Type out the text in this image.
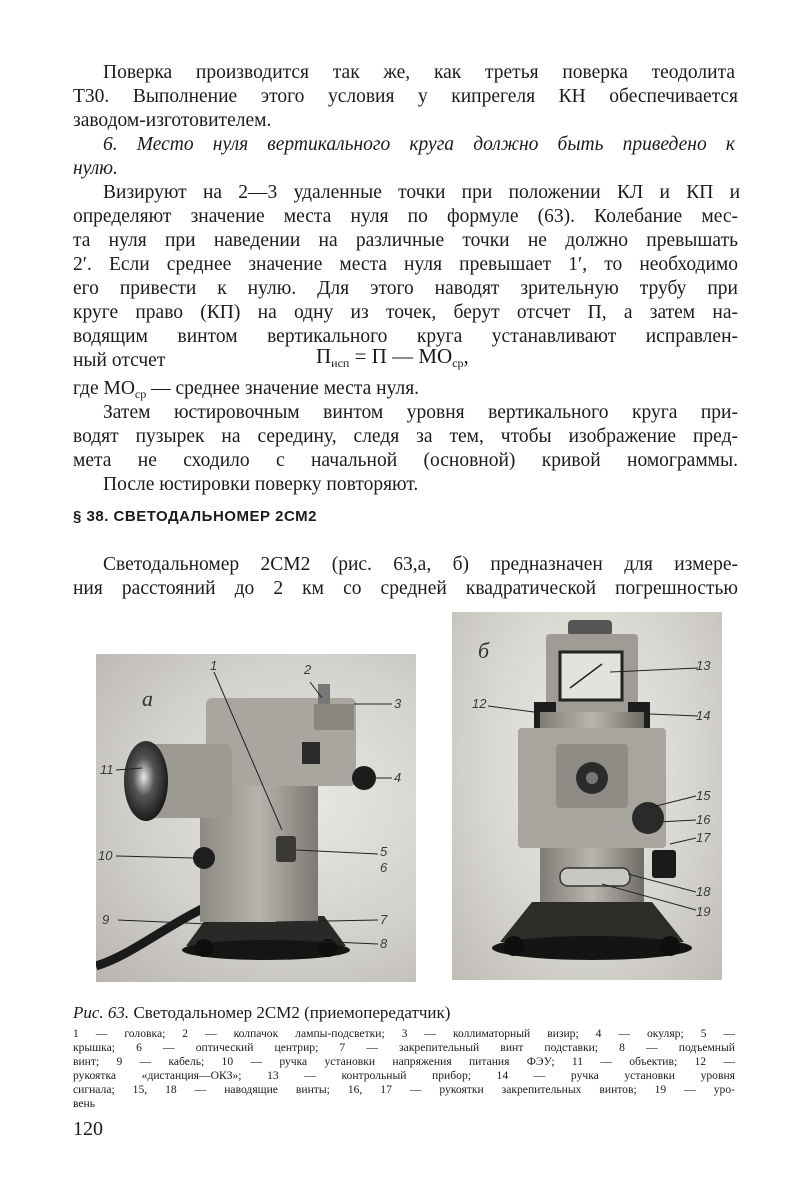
Поверка производится так же, как третья поверка теодолита
Т30. Выполнение этого условия у кипрегеля КН обеспечивается
заводом-изготовителем.
6. Место нуля вертикального круга должно быть приведено к
нулю.
Визируют на 2—3 удаленные точки при положении КЛ и КП и
определяют значение места нуля по формуле (63). Колебание мес-
та нуля при наведении на различные точки не должно превышать
2′. Если среднее значение места нуля превышает 1′, то необходимо
его привести к нулю. Для этого наводят зрительную трубу при
круге право (КП) на одну из точек, берут отсчет П, а затем на-
водящим винтом вертикального круга устанавливают исправлен-
ный отсчет	$П_{исп} = П$ — $МО_{ср}$,
где $МО_{ср}$ — среднее значение места нуля.
Затем юстировочным винтом уровня вертикального круга при-
водят пузырек на середину, следя за тем, чтобы изображение пред-
мета не сходило с начальной (основной) кривой номограммы.
После юстировки поверку повторяют.
§ 38. СВЕТОДАЛЬНОМЕР 2СМ2
Светодальномер 2СМ2 (рис. 63,а, б) предназначен для измере-
ния расстояний до 2 км со средней квадратической погрешностью
а
1	2
3
11
4
10	5
6
9	7
8
б
13
12
14
15
16
17
18
19
Рис. 63. Светодальномер 2СМ2 (приемопередатчик)
1 — головка; 2 — колпачок лампы-подсветки; 3 — коллиматорный визир; 4 — окуляр; 5 —
крышка; 6 — оптический центрир; 7 — закрепительный винт подставки; 8 — подъемный
винт; 9 — кабель; 10 — ручка установки напряжения питания ФЭУ; 11 — объектив; 12 —
рукоятка «дистанция—ОКЗ»; 13 — контрольный прибор; 14 — ручка установки уровня
сигнала; 15, 18 — наводящие винты; 16, 17 — рукоятки закрепительных винтов; 19 — уро-
вень
120
